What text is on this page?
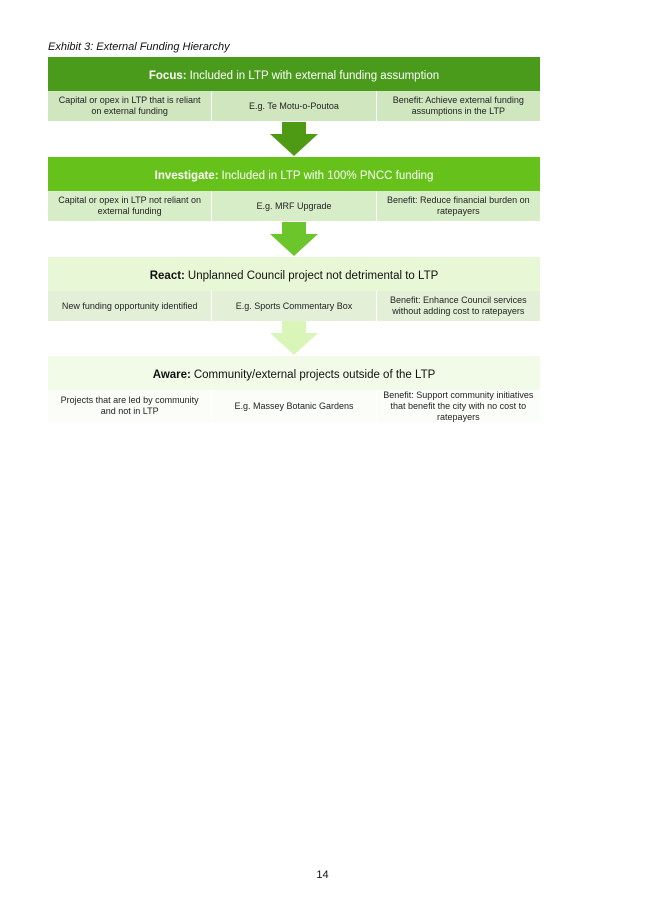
Exhibit 3: External Funding Hierarchy
Focus: Included in LTP with external funding assumption
Capital or opex in LTP that is reliant on external funding
E.g. Te Motu-o-Poutoa
Benefit: Achieve external funding assumptions in the LTP
Investigate: Included in LTP with 100% PNCC funding
Capital or opex in LTP not reliant on external funding
E.g. MRF Upgrade
Benefit: Reduce financial burden on ratepayers
React: Unplanned Council project not detrimental to LTP
New funding opportunity identified	E.g. Sports Commentary Box
Benefit: Enhance Council services without adding cost to ratepayers
Aware: Community/external projects outside of the LTP
Projects that are led by community and not in LTP
E.g. Massey Botanic Gardens
Benefit: Support community initiatives that benefit the city with no cost to ratepayers
14
